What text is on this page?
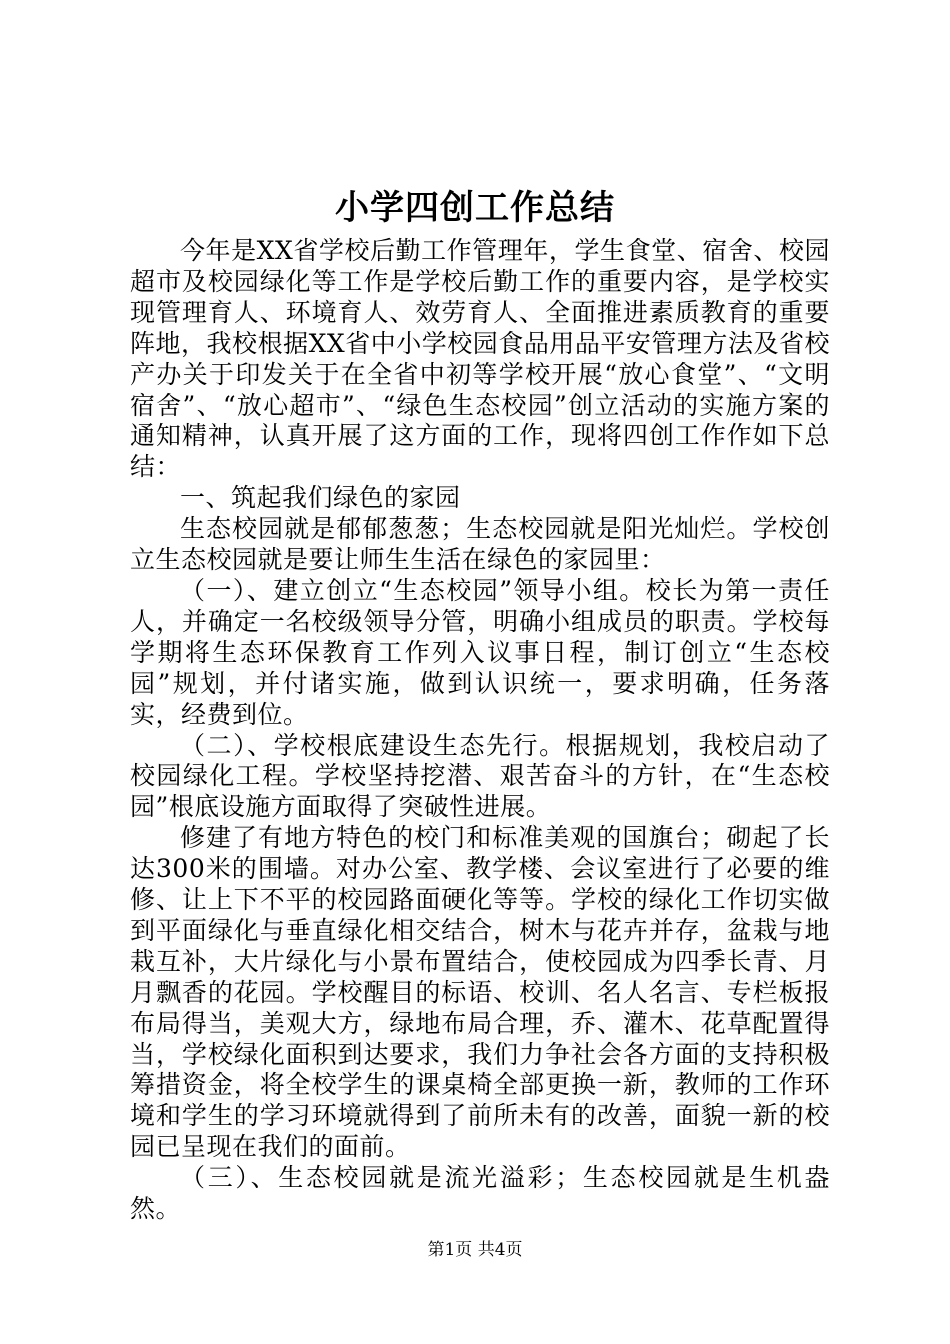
小学四创工作总结

今年是XX省学校后勤工作管理年，学生食堂、宿舍、校园超市及校园绿化等工作是学校后勤工作的重要内容，是学校实现管理育人、环境育人、效劳育人、全面推进素质教育的重要阵地，我校根据XX省中小学校园食品用品平安管理方法及省校产办关于印发关于在全省中初等学校开展“放心食堂”、“文明宿舍”、“放心超市”、“绿色生态校园”创立活动的实施方案的通知精神，认真开展了这方面的工作，现将四创工作作如下总结：

一、筑起我们绿色的家园

生态校园就是郁郁葱葱；生态校园就是阳光灿烂。学校创立生态校园就是要让师生生活在绿色的家园里：

（一）、建立创立“生态校园”领导小组。校长为第一责任人，并确定一名校级领导分管，明确小组成员的职责。学校每学期将生态环保教育工作列入议事日程，制订创立“生态校园”规划，并付诸实施，做到认识统一，要求明确，任务落实，经费到位。

（二）、学校根底建设生态先行。根据规划，我校启动了校园绿化工程。学校坚持挖潜、艰苦奋斗的方针，在“生态校园”根底设施方面取得了突破性进展。

修建了有地方特色的校门和标准美观的国旗台；砌起了长达300米的围墙。对办公室、教学楼、会议室进行了必要的维修、让上下不平的校园路面硬化等等。学校的绿化工作切实做到平面绿化与垂直绿化相交结合，树木与花卉并存，盆栽与地栽互补，大片绿化与小景布置结合，使校园成为四季长青、月月飘香的花园。学校醒目的标语、校训、名人名言、专栏板报布局得当，美观大方，绿地布局合理，乔、灌木、花草配置得当，学校绿化面积到达要求，我们力争社会各方面的支持积极筹措资金，将全校学生的课桌椅全部更换一新，教师的工作环境和学生的学习环境就得到了前所未有的改善，面貌一新的校园已呈现在我们的面前。

（三）、生态校园就是流光溢彩；生态校园就是生机盎然。

第1页 共4页
